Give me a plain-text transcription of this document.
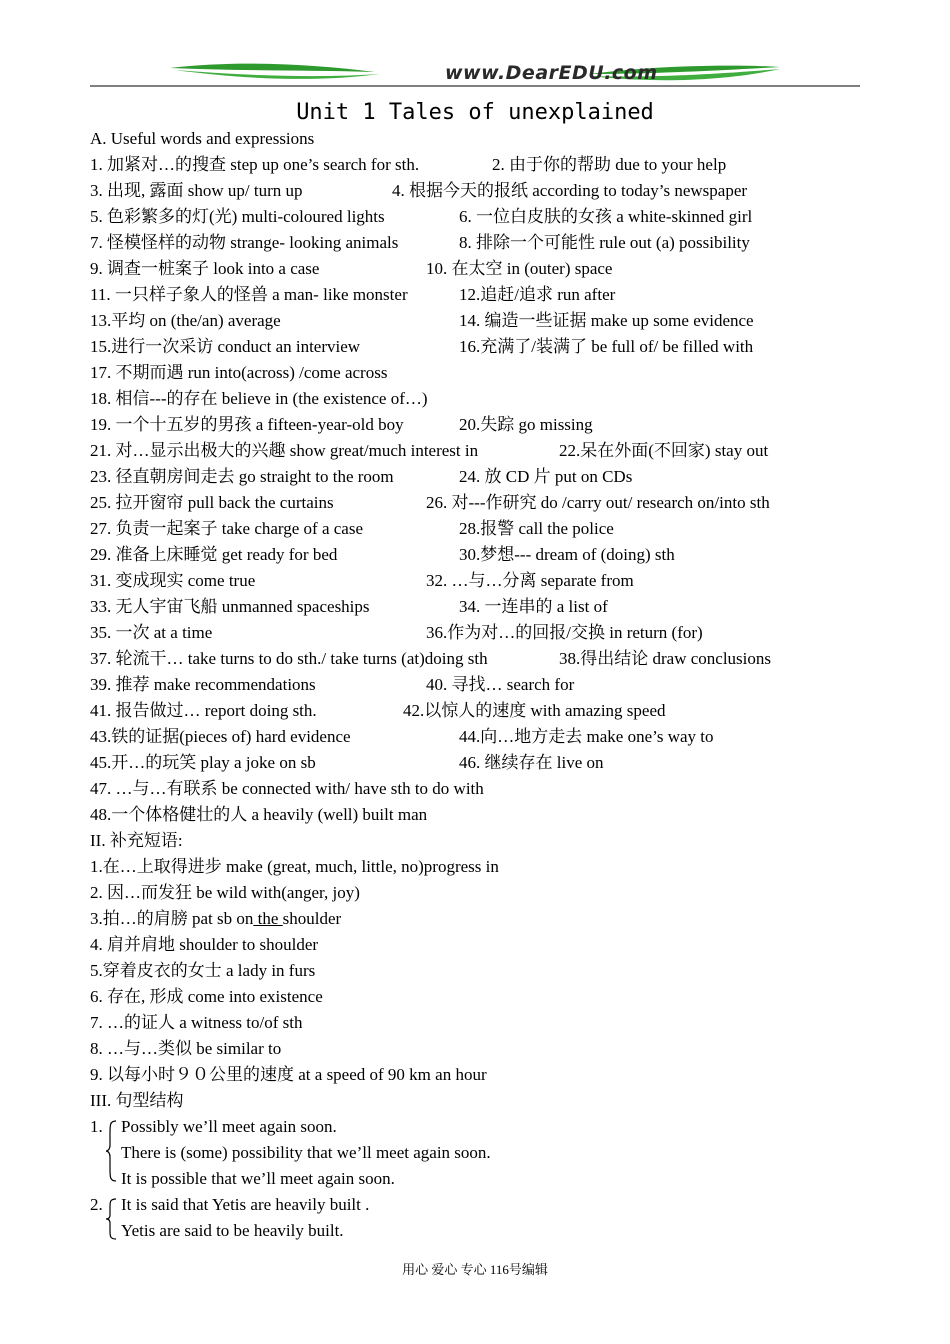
www.DearEDU.com
Unit 1 Tales of unexplained
A. Useful words and expressions
1. 加紧对…的搜查 step up one’s search for sth.	2. 由于你的帮助 due to your help
3. 出现, 露面 show up/ turn up	4. 根据今天的报纸 according to today’s newspaper
5. 色彩繁多的灯(光) multi-coloured lights	6. 一位白皮肤的女孩 a white-skinned girl
7. 怪模怪样的动物 strange- looking animals	8. 排除一个可能性 rule out (a) possibility
9. 调查一桩案子 look into a case	10. 在太空 in (outer) space
11. 一只样子象人的怪兽 a man- like monster	12.追赶/追求 run after
13.平均 on (the/an) average	14. 编造一些证据 make up some evidence
15.进行一次采访 conduct an interview	16.充满了/装满了 be full of/ be filled with
17. 不期而遇 run into(across) /come across
18. 相信---的存在 believe in (the existence of…)
19. 一个十五岁的男孩 a fifteen-year-old boy	20.失踪 go missing
21. 对…显示出极大的兴趣 show great/much interest in	22.呆在外面(不回家) stay out
23. 径直朝房间走去 go straight to the room	24. 放 CD 片 put on CDs
25. 拉开窗帘 pull back the curtains	26. 对---作研究 do /carry out/ research on/into sth
27. 负责一起案子 take charge of a case	28.报警 call the police
29. 准备上床睡觉 get ready for bed	30.梦想--- dream of (doing) sth
31. 变成现实 come true	32. …与…分离 separate from
33. 无人宇宙飞船 unmanned spaceships	34. 一连串的 a list of
35. 一次 at a time	36.作为对…的回报/交换 in return (for)
37. 轮流干… take turns to do sth./ take turns (at)doing sth	38.得出结论 draw conclusions
39. 推荐 make recommendations	40. 寻找… search for
41. 报告做过… report doing sth.	42.以惊人的速度 with amazing speed
43.铁的证据(pieces of) hard evidence	44.向…地方走去 make one’s way to
45.开…的玩笑 play a joke on sb	46. 继续存在 live on
47. …与…有联系 be connected with/ have sth to do with
48.一个体格健壮的人 a heavily (well) built man
II. 补充短语:
1.在…上取得进步 make (great, much, little, no)progress in
2. 因…而发狂 be wild with(anger, joy)
3.拍…的肩膀 pat sb on the shoulder
4. 肩并肩地 shoulder to shoulder
5.穿着皮衣的女士 a lady in furs
6. 存在, 形成 come into existence
7. …的证人 a witness to/of sth
8. …与…类似 be similar to
9. 以每小时９０公里的速度 at a speed of 90 km an hour
III. 句型结构
1. Possibly we’ll meet again soon.
There is (some) possibility that we’ll meet again soon.
It is possible that we’ll meet again soon.
2. It is said that Yetis are heavily built .
Yetis are said to be heavily built.
用心 爱心 专心 116号编辑
